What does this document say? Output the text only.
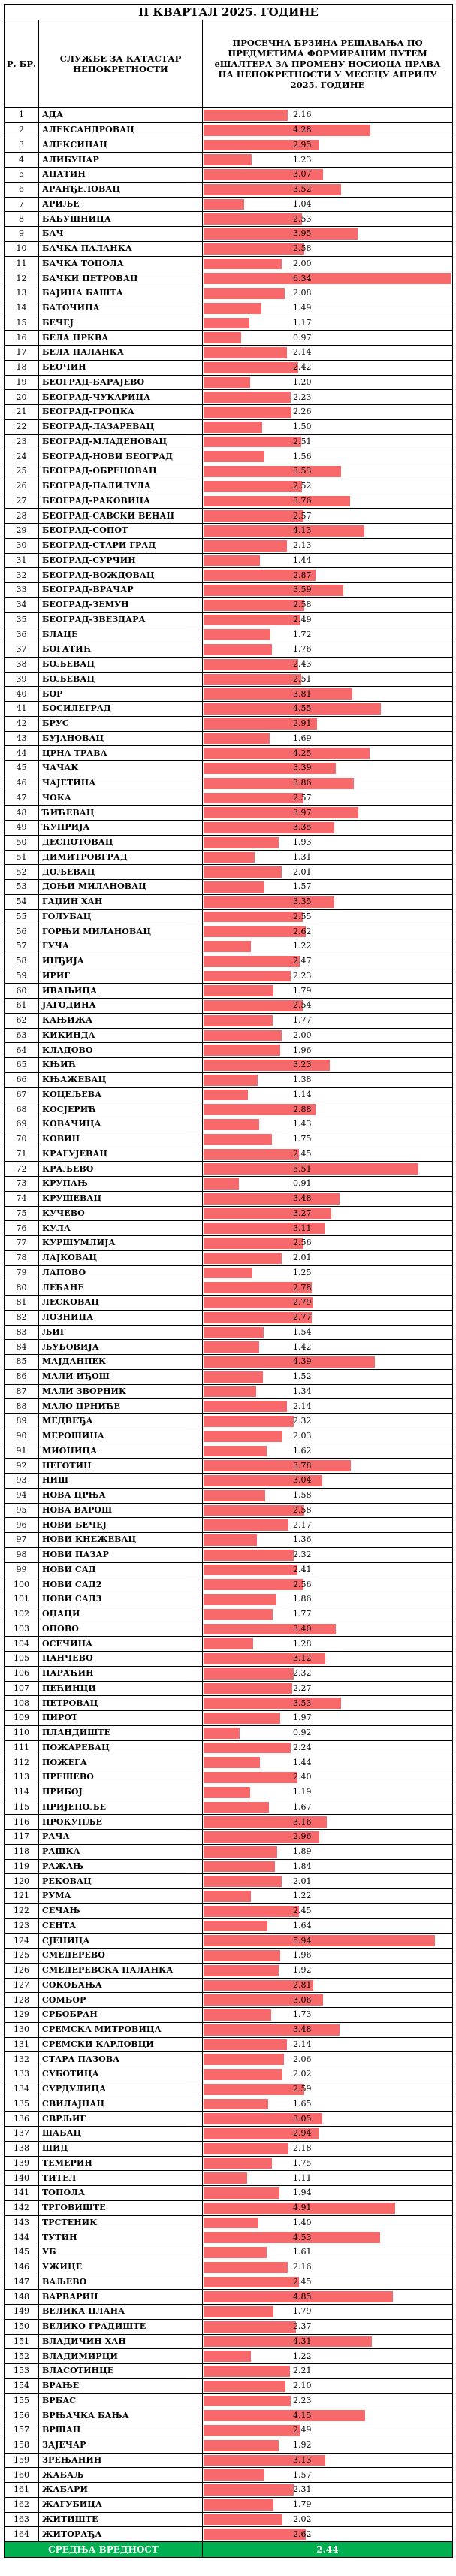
II КВАРТАЛ 2025. ГОДИНЕ		
Р. БР.	СЛУЖБЕ ЗА КАТАСТАР НЕПОКРЕТНОСТИ	ПРОСЕЧНА БРЗИНА РЕШАВАЊА ПО ПРЕДМЕТИМА ФОРМИРАНИМ ПУТЕМ еШАЛТЕРА ЗА ПРОМЕНУ НОСИОЦА ПРАВА НА НЕПОКРЕТНОСТИ У МЕСЕЦУ АПРИЛУ 2025. ГОДИНЕ
1	АДА	2.16
2	АЛЕКСАНДРОВАЦ	4.28
3	АЛЕКСИНАЦ	2.95
4	АЛИБУНАР	1.23
5	АПАТИН	3.07
6	АРАНЂЕЛОВАЦ	3.52
7	АРИЉЕ	1.04
8	БАБУШНИЦА	2.53
9	БАЧ	3.95
10	БАЧКА ПАЛАНКА	2.58
11	БАЧКА ТОПОЛА	2.00
12	БАЧКИ ПЕТРОВАЦ	6.34
13	БАЈИНА БАШТА	2.08
14	БАТОЧИНА	1.49
15	БЕЧЕЈ	1.17
16	БЕЛА ЦРКВА	0.97
17	БЕЛА ПАЛАНКА	2.14
18	БЕОЧИН	2.42
19	БЕОГРАД-БАРАЈЕВО	1.20
20	БЕОГРАД-ЧУКАРИЦА	2.23
21	БЕОГРАД-ГРОЦКА	2.26
22	БЕОГРАД-ЛАЗАРЕВАЦ	1.50
23	БЕОГРАД-МЛАДЕНОВАЦ	2.51
24	БЕОГРАД-НОВИ БЕОГРАД	1.56
25	БЕОГРАД-ОБРЕНОВАЦ	3.53
26	БЕОГРАД-ПАЛИЛУЛА	2.52
27	БЕОГРАД-РАКОВИЦА	3.76
28	БЕОГРАД-САВСКИ ВЕНАЦ	2.57
29	БЕОГРАД-СОПОТ	4.13
30	БЕОГРАД-СТАРИ ГРАД	2.13
31	БЕОГРАД-СУРЧИН	1.44
32	БЕОГРАД-ВОЖДОВАЦ	2.87
33	БЕОГРАД-ВРАЧАР	3.59
34	БЕОГРАД-ЗЕМУН	2.58
35	БЕОГРАД-ЗВЕЗДАРА	2.49
36	БЛАЦЕ	1.72
37	БОГАТИЋ	1.76
38	БОЉЕВАЦ	2.43
39	БОЉЕВАЦ	2.51
40	БОР	3.81
41	БОСИЛЕГРАД	4.55
42	БРУС	2.91
43	БУЈАНОВАЦ	1.69
44	ЦРНА ТРАВА	4.25
45	ЧАЧАК	3.39
46	ЧАЈЕТИНА	3.86
47	ЧОКА	2.57
48	ЋИЋЕВАЦ	3.97
49	ЋУПРИЈА	3.35
50	ДЕСПОТОВАЦ	1.93
51	ДИМИТРОВГРАД	1.31
52	ДОЉЕВАЦ	2.01
53	ДОЊИ МИЛАНОВАЦ	1.57
54	ГАЏИН ХАН	3.35
55	ГОЛУБАЦ	2.55
56	ГОРЊИ МИЛАНОВАЦ	2.62
57	ГУЧА	1.22
58	ИНЂИЈА	2.47
59	ИРИГ	2.23
60	ИВАЊИЦА	1.79
61	ЈАГОДИНА	2.54
62	КАЊИЖА	1.77
63	КИКИНДА	2.00
64	КЛАДОВО	1.96
65	КЊИЋ	3.23
66	КЊАЖЕВАЦ	1.38
67	КОЦЕЉЕВА	1.14
68	КОСЈЕРИЋ	2.88
69	КОВАЧИЦА	1.43
70	КОВИН	1.75
71	КРАГУЈЕВАЦ	2.45
72	КРАЉЕВО	5.51
73	КРУПАЊ	0.91
74	КРУШЕВАЦ	3.48
75	КУЧЕВО	3.27
76	КУЛА	3.11
77	КУРШУМЛИЈА	2.56
78	ЛАЈКОВАЦ	2.01
79	ЛАПОВО	1.25
80	ЛЕБАНЕ	2.78
81	ЛЕСКОВАЦ	2.79
82	ЛОЗНИЦА	2.77
83	ЉИГ	1.54
84	ЉУБОВИЈА	1.42
85	МАЈДАНПЕК	4.39
86	МАЛИ ИЂОШ	1.52
87	МАЛИ ЗВОРНИК	1.34
88	МАЛО ЦРНИЋЕ	2.14
89	МЕДВЕЂА	2.32
90	МЕРОШИНА	2.03
91	МИОНИЦА	1.62
92	НЕГОТИН	3.78
93	НИШ	3.04
94	НОВА ЦРЊА	1.58
95	НОВА ВАРОШ	2.58
96	НОВИ БЕЧЕЈ	2.17
97	НОВИ КНЕЖЕВАЦ	1.36
98	НОВИ ПАЗАР	2.32
99	НОВИ САД	2.41
100	НОВИ САД2	2.56
101	НОВИ САД3	1.86
102	ОЏАЦИ	1.77
103	ОПОВО	3.40
104	ОСЕЧИНА	1.28
105	ПАНЧЕВО	3.12
106	ПАРАЋИН	2.32
107	ПЕЋИНЦИ	2.27
108	ПЕТРОВАЦ	3.53
109	ПИРОТ	1.97
110	ПЛАНДИШТЕ	0.92
111	ПОЖАРЕВАЦ	2.24
112	ПОЖЕГА	1.44
113	ПРЕШЕВО	2.40
114	ПРИБОЈ	1.19
115	ПРИЈЕПОЉЕ	1.67
116	ПРОКУПЉЕ	3.16
117	РАЧА	2.96
118	РАШКА	1.89
119	РАЖАЊ	1.84
120	РЕКОВАЦ	2.01
121	РУМА	1.22
122	СЕЧАЊ	2.45
123	СЕНТА	1.64
124	СЈЕНИЦА	5.94
125	СМЕДЕРЕВО	1.96
126	СМЕДЕРЕВСКА ПАЛАНКА	1.92
127	СОКОБАЊА	2.81
128	СОМБОР	3.06
129	СРБОБРАН	1.73
130	СРЕМСКА МИТРОВИЦА	3.48
131	СРЕМСКИ КАРЛОВЦИ	2.14
132	СТАРА ПАЗОВА	2.06
133	СУБОТИЦА	2.02
134	СУРДУЛИЦА	2.59
135	СВИЛАЈНАЦ	1.65
136	СВРЉИГ	3.05
137	ШАБАЦ	2.94
138	ШИД	2.18
139	ТЕМЕРИН	1.75
140	ТИТЕЛ	1.11
141	ТОПОЛА	1.94
142	ТРГОВИШТЕ	4.91
143	ТРСТЕНИК	1.40
144	ТУТИН	4.53
145	УБ	1.61
146	УЖИЦЕ	2.16
147	ВАЉЕВО	2.45
148	ВАРВАРИН	4.85
149	ВЕЛИКА ПЛАНА	1.79
150	ВЕЛИКО ГРАДИШТЕ	2.37
151	ВЛАДИЧИН ХАН	4.31
152	ВЛАДИМИРЦИ	1.22
153	ВЛАСОТИНЦЕ	2.21
154	ВРАЊЕ	2.10
155	ВРБАС	2.23
156	ВРЊАЧКА БАЊА	4.15
157	ВРШАЦ	2.49
158	ЗАЈЕЧАР	1.92
159	ЗРЕЊАНИН	3.13
160	ЖАБАЉ	1.57
161	ЖАБАРИ	2.31
162	ЖАГУБИЦА	1.79
163	ЖИТИШТЕ	2.02
164	ЖИТОРАЂА	2.62
СРЕДЊА ВРЕДНОСТ		2.44
